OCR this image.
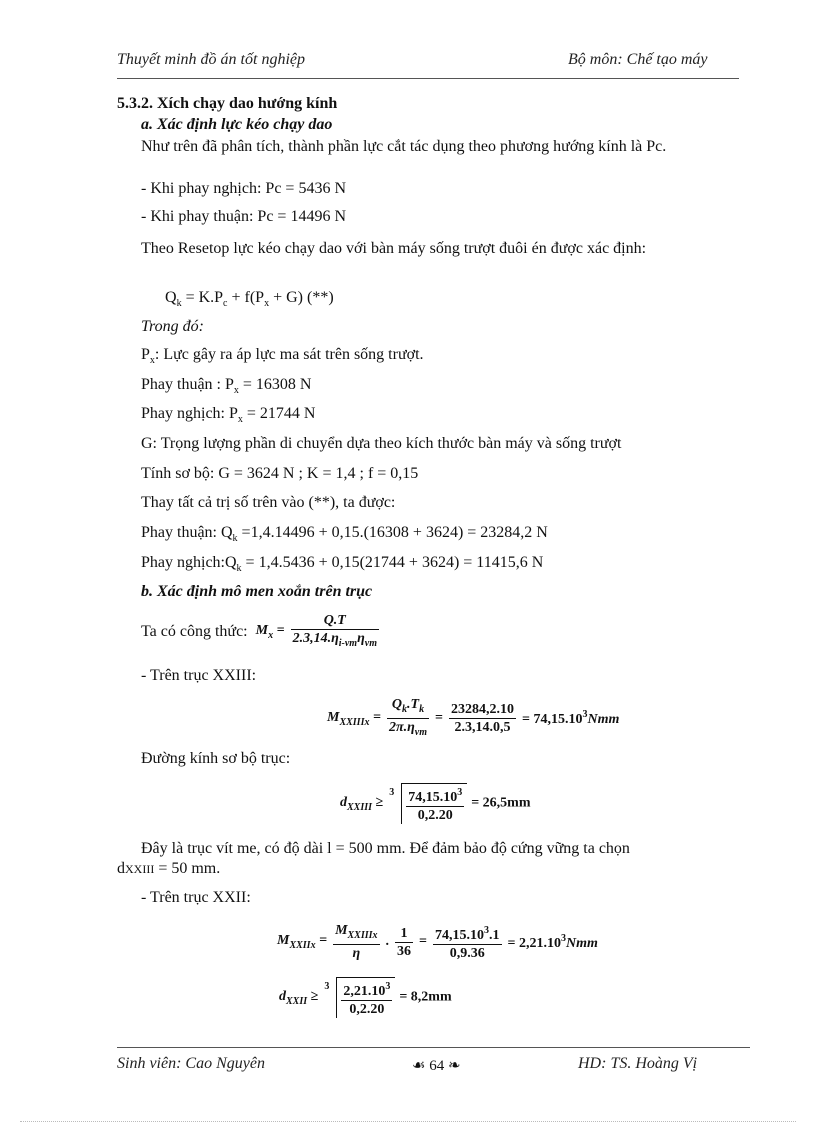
Thuyết minh đồ án tốt nghiệp	Bộ môn: Chế tạo máy
5.3.2. Xích chạy dao hướng kính
a. Xác định lực kéo chạy dao
Như trên đã phân tích, thành phần lực cắt tác dụng theo phương hướng kính là Pc.
- Khi phay nghịch: Pc = 5436 N
- Khi phay thuận: Pc = 14496 N
Theo Resetop lực kéo chạy dao với bàn máy sống trượt đuôi én được xác định:
$Q_k = K.P_c + f(P_x + G)$ (**)
Trong đó:
$P_x$: Lực gây ra áp lực ma sát trên sống trượt.
Phay thuận : $P_x = 16308$ N
Phay nghịch: $P_x = 21744$ N
G: Trọng lượng phần di chuyển dựa theo kích thước bàn máy và sống trượt
Tính sơ bộ: G = 3624 N ; K = 1,4 ; f = 0,15
Thay tất cả trị số trên vào (**), ta được:
Phay thuận: $Q_k =1,4.14496 + 0,15.(16308 + 3624) = 23284,2$ N
Phay $nghịch:Q_k = 1,4.5436 + 0,15(21744 + 3624) = 11415,6$ N
b. Xác định mô men xoắn trên trục
Ta có công thức: $M_x = \frac{Q.T}{2.3,14.\eta_{i-vm}\eta_{vm}}$
- Trên trục XXIII:
$M_{XXIIIx} = \frac{Q_k.T_k}{2\pi.\eta_{vm}} = \frac{23284,2.10}{2.3,14.0,5} = 74,15.10^3Nmm$
Đường kính sơ bộ trục:
$d_{XXIII}$ ≥
$3 \frac{74,15.10^3}{0,2.20} = 26,5mm$
Đây là trục vít me, có độ dài l = 500 mm. Để đảm bảo độ cứng vững ta chọn
dXXIII = 50 mm.
- Trên trục XXII:
$M_{XXIIx} = \frac{M_{XXIIIx}}{\eta}$ . $\frac{1}{36} = \frac{74,15.10^3.1}{0,9.36} = 2,21.10^3Nmm$
$d_{XXII}$ ≥
$3 \frac{2,21.10^3}{0,2.20} = 8,2mm$
Sinh viên: Cao Nguyên	☙ 64 ❧	HD: TS. Hoàng Vị
